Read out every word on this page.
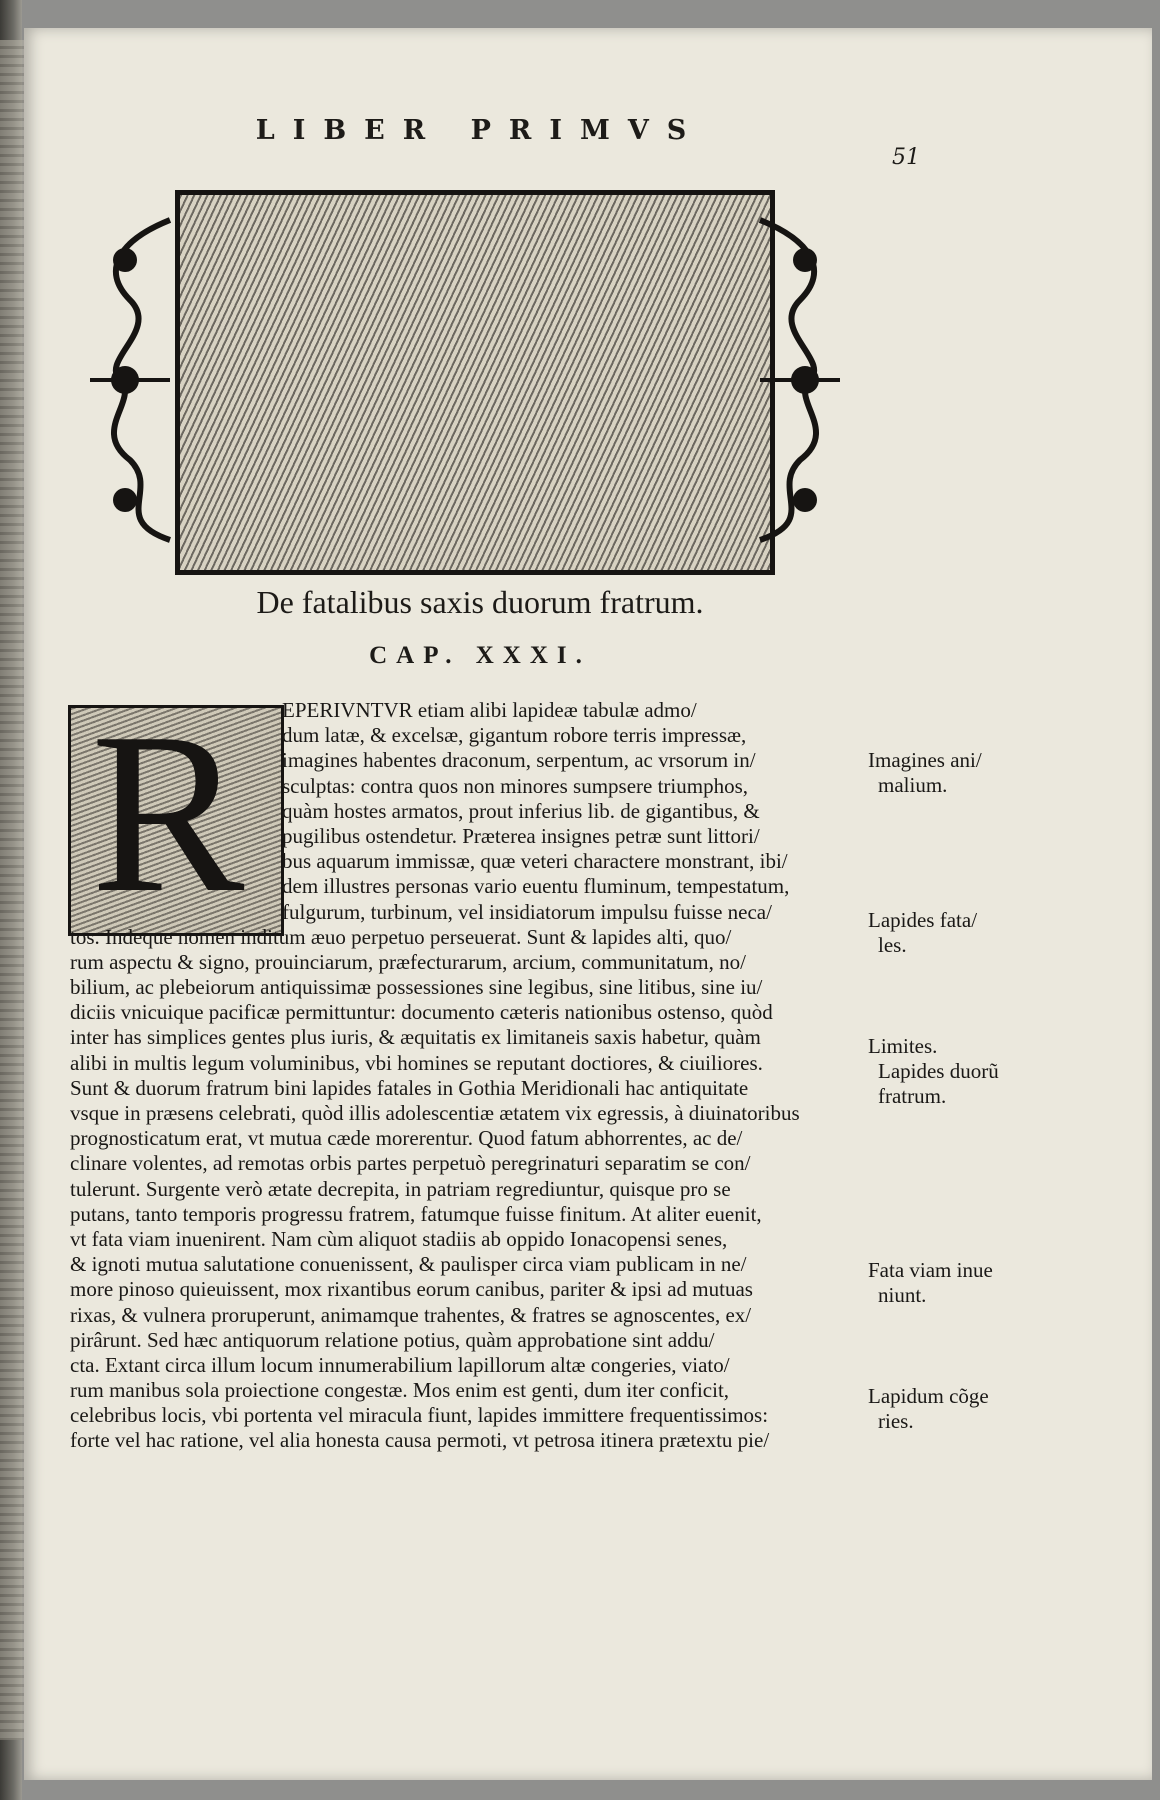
LIBER PRIMVS
51
De fatalibus saxis duorum fratrum.
CAP. XXXI.
R	EPERIVNTVR etiam alibi lapideæ tabulæ admo/
dum latæ, & excelsæ, gigantum robore terris impressæ,
imagines habentes draconum, serpentum, ac vrsorum in/
sculptas: contra quos non minores sumpsere triumphos,
quàm hostes armatos, prout inferius lib. de gigantibus, &
pugilibus ostendetur. Præterea insignes petræ sunt littori/
bus aquarum immissæ, quæ veteri charactere monstrant, ibi/
dem illustres personas vario euentu fluminum, tempestatum,
fulgurum, turbinum, vel insidiatorum impulsu fuisse neca/
tos. Indeque nomen inditum æuo perpetuo perseuerat. Sunt & lapides alti, quo/
rum aspectu & signo, prouinciarum, præfecturarum, arcium, communitatum, no/
bilium, ac plebeiorum antiquissimæ possessiones sine legibus, sine litibus, sine iu/
diciis vnicuique pacificæ permittuntur: documento cæteris nationibus ostenso, quòd
inter has simplices gentes plus iuris, & æquitatis ex limitaneis saxis habetur, quàm
alibi in multis legum voluminibus, vbi homines se reputant doctiores, & ciuiliores.
Sunt & duorum fratrum bini lapides fatales in Gothia Meridionali hac antiquitate
vsque in præsens celebrati, quòd illis adolescentiæ ætatem vix egressis, à diuinatoribus
prognosticatum erat, vt mutua cæde morerentur. Quod fatum abhorrentes, ac de/
clinare volentes, ad remotas orbis partes perpetuò peregrinaturi separatim se con/
tulerunt. Surgente verò ætate decrepita, in patriam regrediuntur, quisque pro se
putans, tanto temporis progressu fratrem, fatumque fuisse finitum. At aliter euenit,
vt fata viam inuenirent. Nam cùm aliquot stadiis ab oppido Ionacopensi senes,
& ignoti mutua salutatione conuenissent, & paulisper circa viam publicam in ne/
more pinoso quieuissent, mox rixantibus eorum canibus, pariter & ipsi ad mutuas
rixas, & vulnera proruperunt, animamque trahentes, & fratres se agnoscentes, ex/
pirârunt. Sed hæc antiquorum relatione potius, quàm approbatione sint addu/
cta. Extant circa illum locum innumerabilium lapillorum altæ congeries, viato/
rum manibus sola proiectione congestæ. Mos enim est genti, dum iter conficit,
celebribus locis, vbi portenta vel miracula fiunt, lapides immittere frequentissimos:
forte vel hac ratione, vel alia honesta causa permoti, vt petrosa itinera prætextu pie/
Imagines ani/
malium.
Lapides fata/
les.
Limites.
Lapides duorũ
fratrum.
Fata viam inue
niunt.
Lapidum cõge
ries.
